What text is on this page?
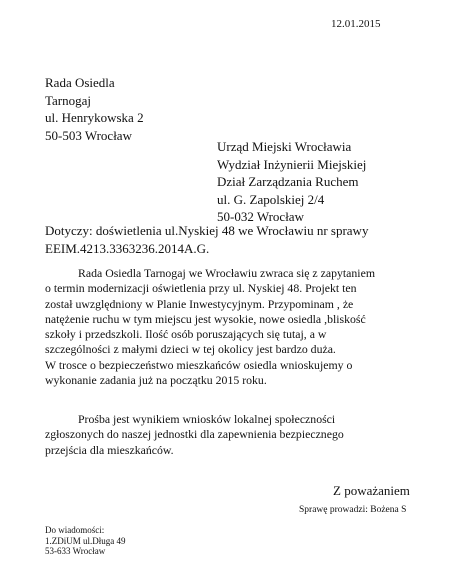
12.01.2015
Rada Osiedla
Tarnogaj
ul. Henrykowska 2
50-503 Wrocław
Urząd Miejski Wrocławia
Wydział Inżynierii Miejskiej
Dział Zarządzania Ruchem
ul. G. Zapolskiej 2/4
50-032 Wrocław
Dotyczy: doświetlenia ul.Nyskiej 48 we Wrocławiu nr sprawy
EEIM.4213.3363236.2014A.G.
Rada Osiedla Tarnogaj we Wrocławiu zwraca się z zapytaniem
o termin modernizacji oświetlenia przy ul. Nyskiej 48. Projekt ten
został uwzględniony w Planie Inwestycyjnym. Przypominam , że
natężenie ruchu w tym miejscu jest wysokie, nowe osiedla ,bliskość
szkoły i przedszkoli. Ilość osób poruszających się tutaj, a w
szczególności z małymi dzieci w tej okolicy jest bardzo duża.
W trosce o bezpieczeństwo mieszkańców osiedla wnioskujemy o
wykonanie zadania już na początku 2015 roku.
Prośba jest wynikiem wniosków lokalnej społeczności
zgłoszonych do naszej jednostki dla zapewnienia bezpiecznego
przejścia dla mieszkańców.
Z poważaniem
Sprawę prowadzi: Bożena S
Do wiadomości:
1.ZDiUM ul.Długa 49
53-633 Wrocław
